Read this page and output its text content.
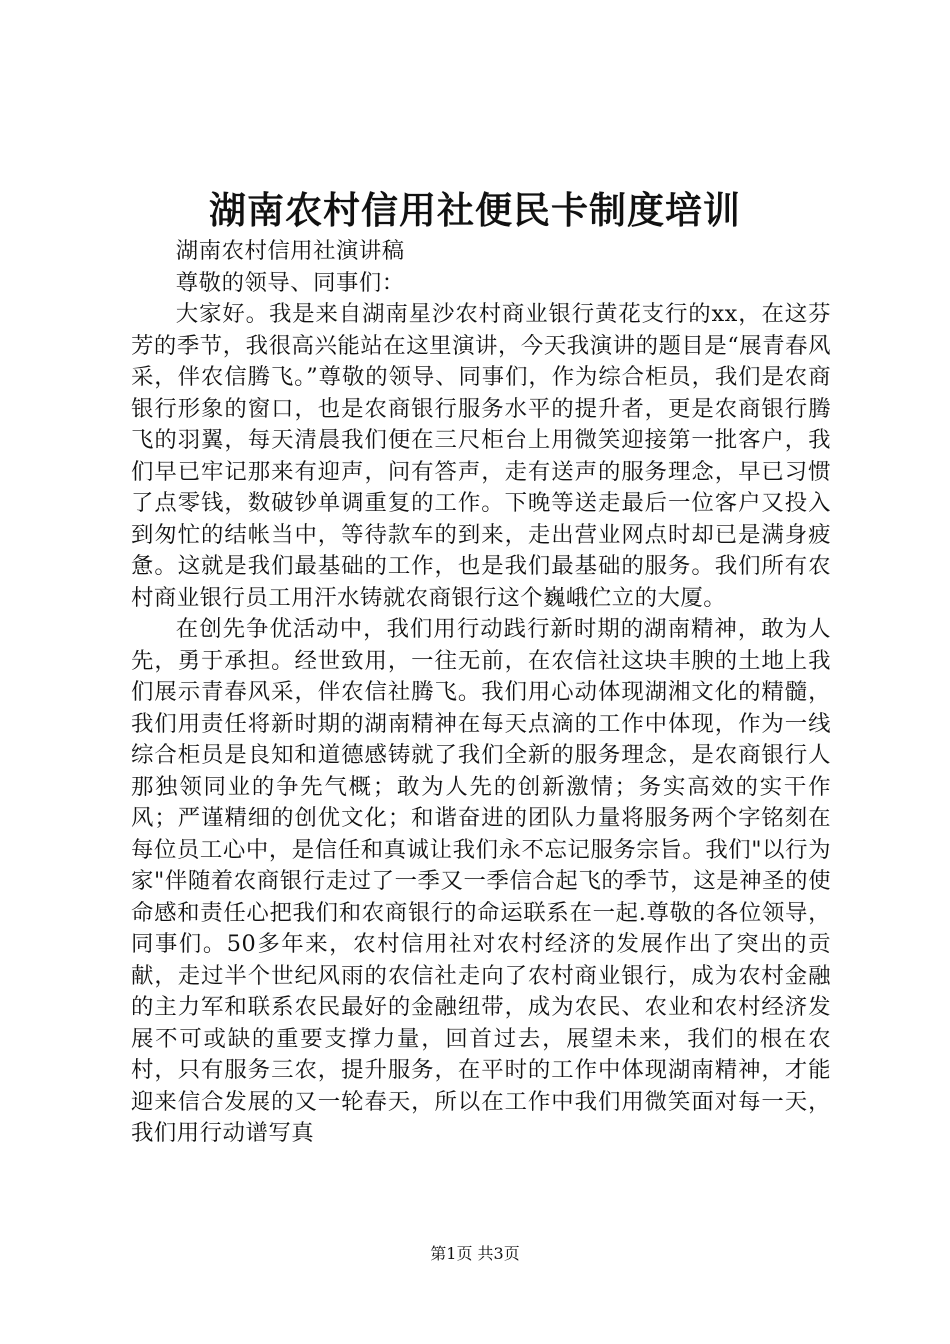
湖南农村信用社便民卡制度培训

湖南农村信用社演讲稿

尊敬的领导、同事们：

大家好。我是来自湖南星沙农村商业银行黄花支行的xx，在这芬芳的季节，我很高兴能站在这里演讲，今天我演讲的题目是“展青春风采，伴农信腾飞。”尊敬的领导、同事们，作为综合柜员，我们是农商银行形象的窗口，也是农商银行服务水平的提升者，更是农商银行腾飞的羽翼，每天清晨我们便在三尺柜台上用微笑迎接第一批客户，我们早已牢记那来有迎声，问有答声，走有送声的服务理念，早已习惯了点零钱，数破钞单调重复的工作。下晚等送走最后一位客户又投入到匆忙的结帐当中，等待款车的到来，走出营业网点时却已是满身疲惫。这就是我们最基础的工作，也是我们最基础的服务。我们所有农村商业银行员工用汗水铸就农商银行这个巍峨伫立的大厦。

在创先争优活动中，我们用行动践行新时期的湖南精神，敢为人先，勇于承担。经世致用，一往无前，在农信社这块丰腴的土地上我们展示青春风采，伴农信社腾飞。我们用心动体现湖湘文化的精髓，我们用责任将新时期的湖南精神在每天点滴的工作中体现，作为一线综合柜员是良知和道德感铸就了我们全新的服务理念，是农商银行人那独领同业的争先气概；敢为人先的创新激情；务实高效的实干作风；严谨精细的创优文化；和谐奋进的团队力量将服务两个字铭刻在每位员工心中，是信任和真诚让我们永不忘记服务宗旨。我们"以行为家"伴随着农商银行走过了一季又一季信合起飞的季节，这是神圣的使命感和责任心把我们和农商银行的命运联系在一起.尊敬的各位领导，同事们。50多年来，农村信用社对农村经济的发展作出了突出的贡献，走过半个世纪风雨的农信社走向了农村商业银行，成为农村金融的主力军和联系农民最好的金融纽带，成为农民、农业和农村经济发展不可或缺的重要支撑力量，回首过去，展望未来，我们的根在农村，只有服务三农，提升服务，在平时的工作中体现湖南精神，才能迎来信合发展的又一轮春天，所以在工作中我们用微笑面对每一天，我们用行动谱写真

第1页 共3页
